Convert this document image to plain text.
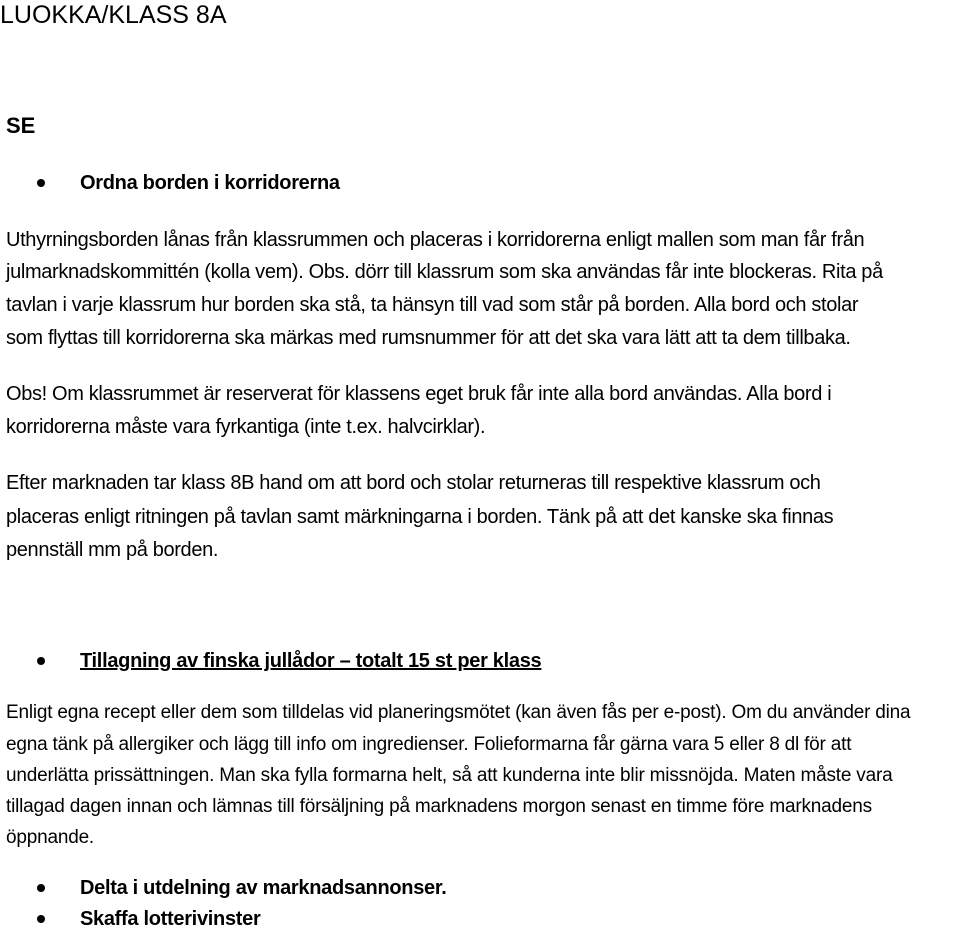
LUOKKA/KLASS 8A
SE
Ordna borden i korridorerna
Uthyrningsborden lånas från klassrummen och placeras i korridorerna enligt mallen som man får från
julmarknadskommittén (kolla vem). Obs. dörr till klassrum som ska användas får inte blockeras. Rita på
tavlan i varje klassrum hur borden ska stå, ta hänsyn till vad som står på borden. Alla bord och stolar
som flyttas till korridorerna ska märkas med rumsnummer för att det ska vara lätt att ta dem tillbaka.
Obs! Om klassrummet är reserverat för klassens eget bruk får inte alla bord användas. Alla bord i
korridorerna måste vara fyrkantiga (inte t.ex. halvcirklar).
Efter marknaden tar klass 8B hand om att bord och stolar returneras till respektive klassrum och
placeras enligt ritningen på tavlan samt märkningarna i borden. Tänk på att det kanske ska finnas
pennställ mm på borden.
Tillagning av finska jullådor – totalt 15 st per klass
Enligt egna recept eller dem som tilldelas vid planeringsmötet (kan även fås per e-post). Om du använder dina
egna tänk på allergiker och lägg till info om ingredienser. Folieformarna får gärna vara 5 eller 8 dl för att
underlätta prissättningen. Man ska fylla formarna helt, så att kunderna inte blir missnöjda. Maten måste vara
tillagad dagen innan och lämnas till försäljning på marknadens morgon senast en timme före marknadens
öppnande.
Delta i utdelning av marknadsannonser.
Skaffa lotterivinster
